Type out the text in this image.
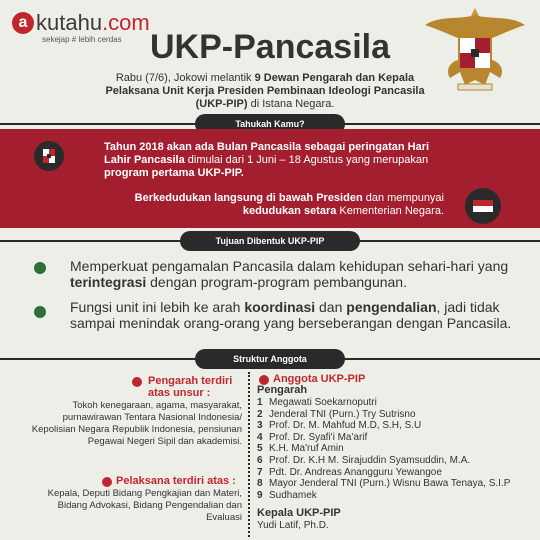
a kutahu.com
sekejap # lebih cerdas UKP-Pancasila
Rabu (7/6), Jokowi melantik 9 Dewan Pengarah dan Kepala Pelaksana Unit Kerja Presiden Pembinaan Ideologi Pancasila (UKP-PIP) di Istana Negara.
Tahukah Kamu?
Tahun 2018 akan ada Bulan Pancasila sebagai peringatan Hari Lahir Pancasila dimulai dari 1 Juni – 18 Agustus yang merupakan program pertama UKP-PIP.
Berkedudukan langsung di bawah Presiden dan mempunyai kedudukan setara Kementerian Negara.
Tujuan Dibentuk UKP-PIP
Memperkuat pengamalan Pancasila dalam kehidupan sehari-hari yang terintegrasi dengan program-program pembangunan.
Fungsi unit ini lebih ke arah koordinasi dan pengendalian, jadi tidak sampai menindak orang-orang yang berseberangan dengan Pancasila.
Struktur Anggota
Pengarah terdiri atas unsur :
Tokoh kenegaraan, agama, masyarakat, purnawirawan Tentara Nasional Indonesia/ Kepolisian Negara Republik Indonesia, pensiunan Pegawai Negeri Sipil dan akademisi.
Pelaksana terdiri atas :
Kepala, Deputi Bidang Pengkajian dan Materi, Bidang Advokasi, Bidang Pengendalian dan Evaluasi
Anggota UKP-PIP
Pengarah
1 Megawati Soekarnoputri
2 Jenderal TNI (Purn.) Try Sutrisno
3 Prof. Dr. M. Mahfud M.D, S.H, S.U
4 Prof. Dr. Syafi'i Ma'arif
5 K.H. Ma'ruf Amin
6 Prof. Dr. K.H M. Sirajuddin Syamsuddin, M.A.
7 Pdt. Dr. Andreas Anangguru Yewangoe
8 Mayor Jenderal TNI (Purn.) Wisnu Bawa Tenaya, S.I.P
9 Sudhamek
Kepala UKP-PIP
Yudi Latif, Ph.D.
